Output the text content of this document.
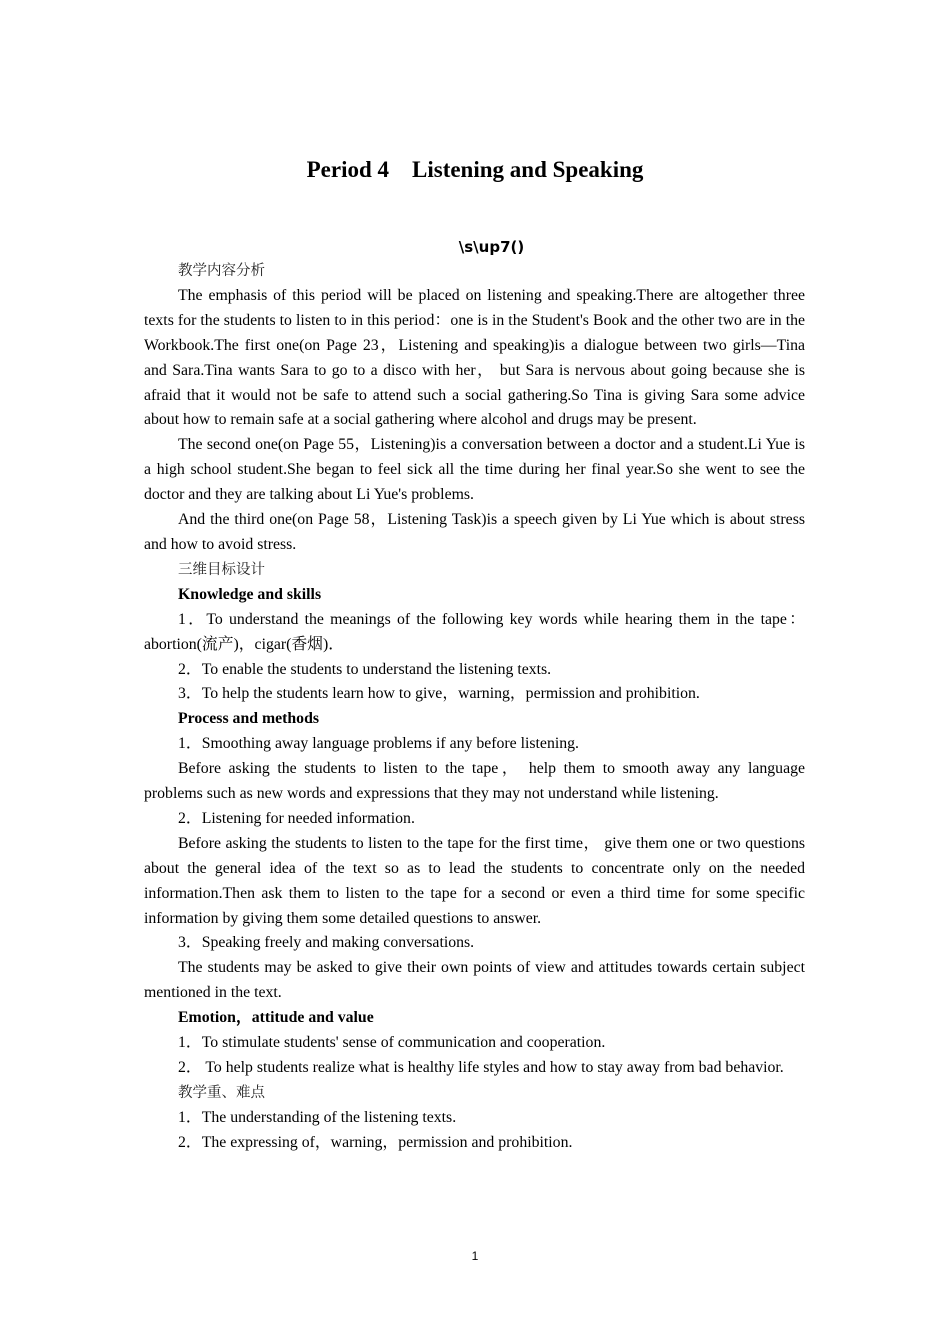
Period 4    Listening and Speaking
\s\up7()

教学内容分析

The emphasis of this period will be placed on listening and speaking.There are altogether three texts for the students to listen to in this period：one is in the Student's Book and the other two are in the Workbook.The first one(on Page 23，Listening and speaking)is a dialogue between two girls—Tina and Sara.Tina wants Sara to go to a disco with her， but Sara is nervous about going because she is afraid that it would not be safe to attend such a social gathering.So Tina is giving Sara some advice about how to remain safe at a social gathering where alcohol and drugs may be present.

The second one(on Page 55，Listening)is a conversation between a doctor and a student.Li Yue is a high school student.She began to feel sick all the time during her final year.So she went to see the doctor and they are talking about Li Yue's problems.

And the third one(on Page 58，Listening Task)is a speech given by Li Yue which is about stress and how to avoid stress.

三维目标设计

Knowledge and skills

1．To understand the meanings of the following key words while hearing them in the tape：abortion(流产)，cigar(香烟)．

2．To enable the students to understand the listening texts.

3．To help the students learn how to give，warning，permission and prohibition.

Process and methods

1．Smoothing away language problems if any before listening.

Before asking the students to listen to the tape， help them to smooth away any language problems such as new words and expressions that they may not understand while listening.

2．Listening for needed information.

Before asking the students to listen to the tape for the first time， give them one or two questions about the general idea of the text so as to lead the students to concentrate only on the needed information.Then ask them to listen to the tape for a second or even a third time for some specific information by giving them some detailed questions to answer.

3．Speaking freely and making conversations.

The students may be asked to give their own points of view and attitudes towards certain subject mentioned in the text.

Emotion，attitude and value

1．To stimulate students' sense of communication and cooperation.

2． To help students realize what is healthy life styles and how to stay away from bad behavior.

教学重、难点

1．The understanding of the listening texts.

2．The expressing of，warning，permission and prohibition.

1
